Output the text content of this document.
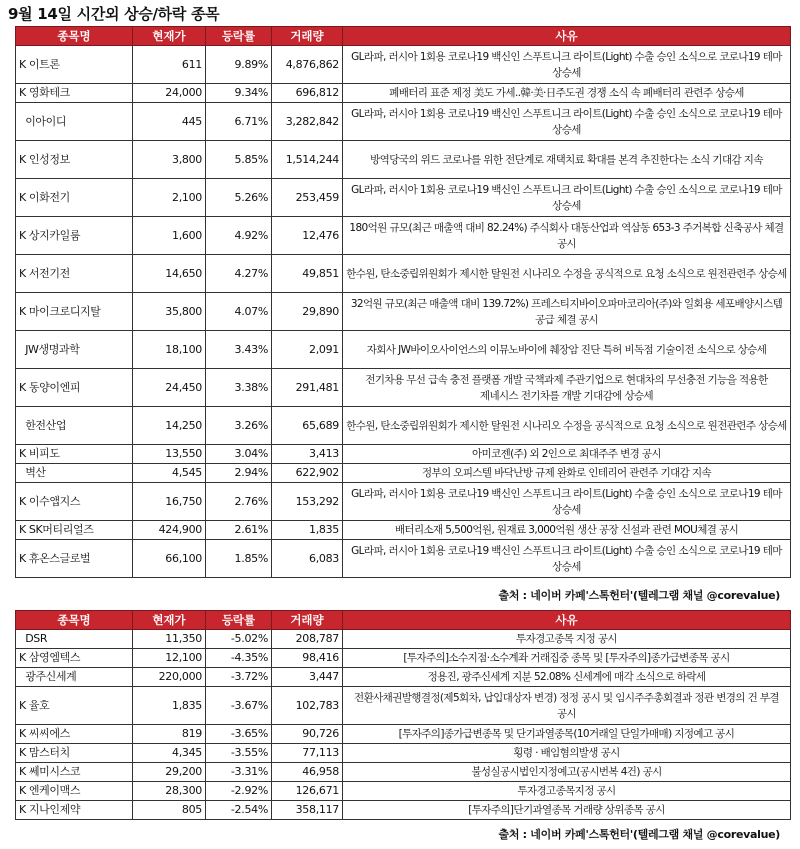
9월 14일 시간외 상승/하락 종목
종목명	현재가	등락률	거래량	사유
K 이트론	611	9.89%	4,876,862	GL라파, 러시아 1회용 코로나19 백신인 스푸트니크 라이트(Light) 수출 승인 소식으로 코로나19 테마 상승세
K 영화테크	24,000	9.34%	696,812	폐배터리 표준 제정 美도 가세..韓·美·日주도권 경쟁 소식 속 폐배터리 관련주 상승세
이아이디	445	6.71%	3,282,842	GL라파, 러시아 1회용 코로나19 백신인 스푸트니크 라이트(Light) 수출 승인 소식으로 코로나19 테마 상승세
K 인성정보	3,800	5.85%	1,514,244	방역당국의 위드 코로나를 위한 전단계로 재택치료 확대를 본격 추진한다는 소식 기대감 지속
K 이화전기	2,100	5.26%	253,459	GL라파, 러시아 1회용 코로나19 백신인 스푸트니크 라이트(Light) 수출 승인 소식으로 코로나19 테마 상승세
K 상지카일룸	1,600	4.92%	12,476	180억원 규모(최근 매출액 대비 82.24%) 주식회사 대동산업과 역삼동 653-3 주거복합 신축공사 체결 공시
K 서전기전	14,650	4.27%	49,851	한수원, 탄소중립위원회가 제시한 탈원전 시나리오 수정을 공식적으로 요청 소식으로 원전관련주 상승세
K 마이크로디지탈	35,800	4.07%	29,890	32억원 규모(최근 매출액 대비 139.72%) 프레스티지바이오파마코리아(주)와 일회용 세포배양시스템 공급 체결 공시
JW생명과학	18,100	3.43%	2,091	자회사 JW바이오사이언스의 이뮤노바이에 췌장암 진단 특허 비독점 기술이전 소식으로 상승세
K 동양이엔피	24,450	3.38%	291,481	전기차용 무선 급속 충전 플랫폼 개발 국책과제 주관기업으로 현대차의 무선충전 기능을 적용한 제네시스 전기차를 개발 기대감에 상승세
한전산업	14,250	3.26%	65,689	한수원, 탄소중립위원회가 제시한 탈원전 시나리오 수정을 공식적으로 요청 소식으로 원전관련주 상승세
K 비피도	13,550	3.04%	3,413	아미코젠(주) 외 2인으로 최대주주 변경 공시
벽산	4,545	2.94%	622,902	정부의 오피스텔 바닥난방 규제 완화로 인테리어 관련주 기대감 지속
K 이수앱지스	16,750	2.76%	153,292	GL라파, 러시아 1회용 코로나19 백신인 스푸트니크 라이트(Light) 수출 승인 소식으로 코로나19 테마 상승세
K SK머티리얼즈	424,900	2.61%	1,835	배터리소재 5,500억원, 원재료 3,000억원 생산 공장 신설과 관련 MOU체결 공시
K 휴온스글로벌	66,100	1.85%	6,083	GL라파, 러시아 1회용 코로나19 백신인 스푸트니크 라이트(Light) 수출 승인 소식으로 코로나19 테마 상승세
출처 : 네이버 카페'스톡헌터'(텔레그램 채널 @corevalue)
종목명	현재가	등락률	거래량	사유
DSR	11,350	-5.02%	208,787	투자경고종목 지정 공시
K 삼영엠텍스	12,100	-4.35%	98,416	[투자주의]소수지점·소수계좌 거래집중 종목 및 [투자주의]종가급변종목 공시
광주신세계	220,000	-3.72%	3,447	정용진, 광주신세계 지분 52.08% 신세계에 매각 소식으로 하락세
K 율호	1,835	-3.67%	102,783	전환사채권발행결정(제5회차, 납입대상자 변경) 정정 공시 및 임시주주총회결과 정관 변경의 건 부결 공시
K 씨씨에스	819	-3.65%	90,726	[투자주의]종가급변종목 및 단기과열종목(10거래일 단일가매매) 지정예고 공시
K 맘스터치	4,345	-3.55%	77,113	횡령 · 배임혐의발생 공시
K 쎄미시스코	29,200	-3.31%	46,958	불성실공시법인지정예고(공시번복 4건) 공시
K 엔케이맥스	28,300	-2.92%	126,671	투자경고종목지정 공시
K 지나인제약	805	-2.54%	358,117	[투자주의]단기과열종목 거래량 상위종목 공시
출처 : 네이버 카페'스톡헌터'(텔레그램 채널 @corevalue)
